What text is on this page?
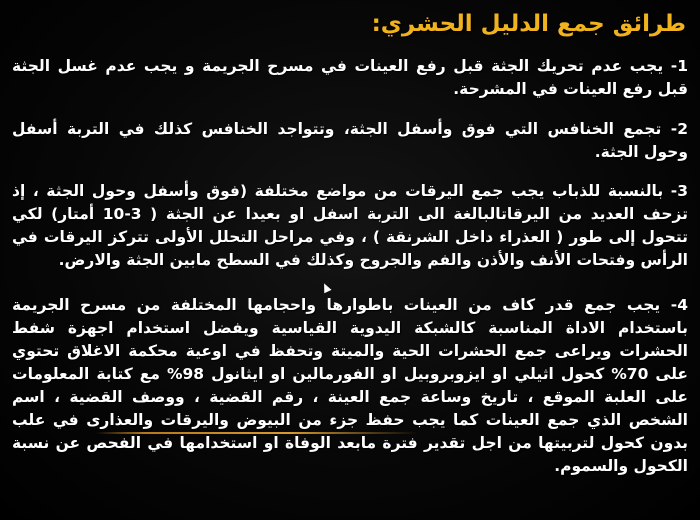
طرائق جمع الدليل الحشري:
1- يجب عدم تحريك الجثة قبل رفع العينات في مسرح الجريمة و يجب عدم غسل الجثة قبل رفع العينات في المشرحة.
2- تجمع الخنافس التي فوق وأسفل الجثة، وتتواجد الخنافس كذلك في التربة أسفل وحول الجثة.
3- بالنسبة للذباب يجب جمع اليرقات من مواضع مختلفة (فوق وأسفل وحول الجثة ، إذ تزحف العديد من اليرقاتالبالغة الى التربة اسفل او بعيدا عن الجثة ( 3-10 أمتار) لكي تتحول إلى طور ( العذراء داخل الشرنقة ) ، وفي مراحل التحلل الأولى تتركز اليرقات في الرأس وفتحات الأنف والأذن والفم والجروح وكذلك في السطح مابين الجثة والارض.
4- يجب جمع قدر كاف من العينات باطوارها واحجامها المختلفة من مسرح الجريمة باستخدام الاداة المناسبة كالشبكة اليدوية القياسية ويفضل استخدام اجهزة شفط الحشرات ويراعى جمع الحشرات الحية والميتة وتحفظ في اوعية محكمة الاغلاق تحتوي على 70% كحول اثيلي او ايزوبروبيل او الفورمالين او ايثانول 98% مع كتابة المعلومات على العلبة الموقع ، تاريخ وساعة جمع العينة ، رقم القضية ، ووصف القضية ، اسم الشخص الذي جمع العينات كما يجب حفظ جزء من البيوض واليرقات والعذارى في علب بدون كحول لتربيتها من اجل تقدير فترة مابعد الوفاة او استخدامها في الفحص عن نسبة الكحول والسموم.
